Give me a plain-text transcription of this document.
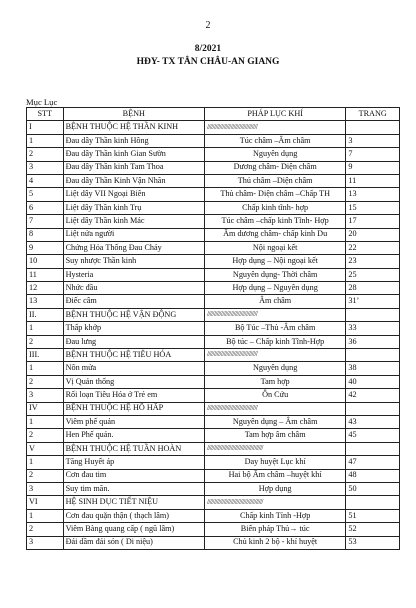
2
8/2021
HĐY- TX TÂN CHÂU-AN GIANG
Mục Lục
STT	BỆNH	PHÁP LỤC KHÍ	TRANG
I	BỆNH THUỘC HỆ THẦN KINH	////////////////////////////////////	
1	Đau dây Thần kinh Hông	Túc châm –Âm châm	3
2	Đau dây Thần kinh Gian Sườn	Nguyên dụng	7
3	Đau dây Thần kinh Tam Thoa	Dương châm- Diện châm	9
4	Đau dây Thần Kinh Vận Nhãn	Thủ châm –Diện châm	11
5	Liệt dây VII Ngoại Biên	Thủ châm- Diện châm –Chấp TH	13
6	Liệt dây Thần kinh Trụ	Chấp kinh tĩnh- hợp	15
7	Liệt dây Thần kinh Mác	Túc châm –chấp kinh Tĩnh- Hợp	17
8	Liệt nửa người	Âm dương châm- chấp kinh Du	20
9	Chứng Hỏa Thống Đau Chảy	Nội ngoại kết	22
10	Suy nhược Thần kinh	Hợp dụng – Nội ngoại kết	23
11	Hysteria	Nguyên dụng- Thời châm	25
12	Nhức đầu	Hợp dụng – Nguyên dụng	28
13	Điếc câm	Âm châm	31’
II.	BỆNH THUỘC HỆ VẬN ĐỘNG	////////////////////////////////////	
1	Thấp khớp	Bộ Túc –Thủ -Âm châm	33
2	Đau lưng	Bộ túc – Chấp kinh Tĩnh-Hợp	36
III.	BỆNH THUỘC HỆ TIÊU HÓA	////////////////////////////////////	
1	Nôn mửa	Nguyên dụng	38
2	Vị Quản thống	Tam hợp	40
3	Rối loạn Tiêu Hóa ở Trẻ em	Ôn Cứu	42
IV	BỆNH THUỘC HỆ HÔ HẤP	////////////////////////////////////	
1	Viêm phế quản	Nguyên dụng – Âm châm	43
2	Hen Phế quản.	Tam hợp âm châm	45
V	BỆNH THUỘC HỆ TUẦN HOÀN	////////////////////////////////////////	
1	Tăng Huyết áp	Day huyệt Lục khí	47
2	Cơn đau tim	Hai bộ Âm châm –huyệt khí	48
3	Suy tim mãn.	Hợp dụng	50
VI	HỆ SINH DỤC TIẾT NIỆU	////////////////////////////////////////	
1	Cơn đau quặn thận ( thạch lâm)	Chấp kinh Tỉnh -Hợp	51
2	Viêm Bàng quang cấp ( ngũ lâm)	Biến pháp Thủ→ túc	52
3	Đái dầm đái són ( Di niệu)	Chủ kinh 2 bộ - khí huyệt	53
